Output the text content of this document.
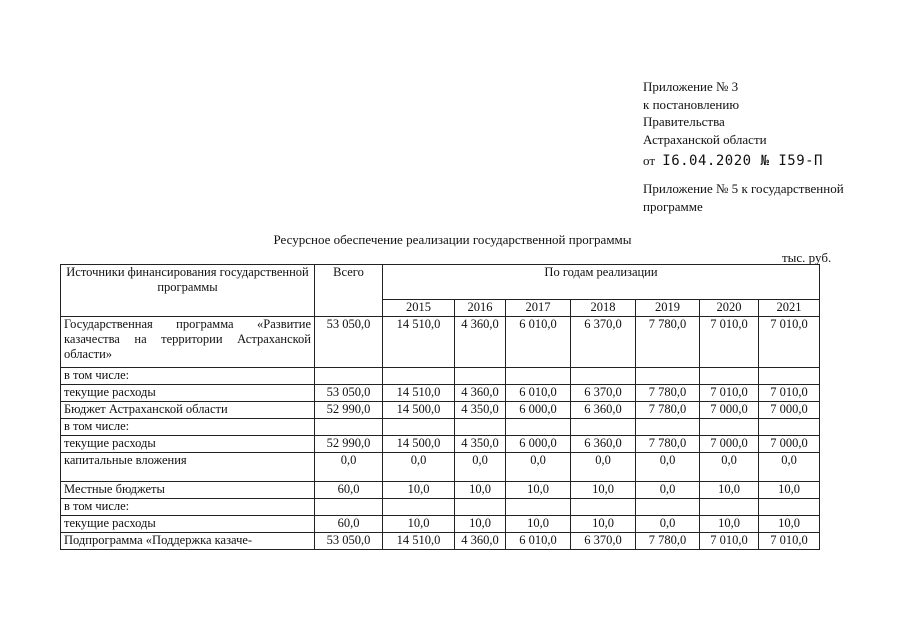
Приложение № 3
к постановлению
Правительства
Астраханской области
от I6.04.2020 № I59-П
Приложение № 5 к государственной программе
Ресурсное обеспечение реализации государственной программы
тыс. руб.
Источники финансирования государственной программы	Всего	По годам реализации						
		2015	2016	2017	2018	2019	2020	2021
Государственная программа «Развитие казачества на территории Астраханской области»	53 050,0	14 510,0	4 360,0	6 010,0	6 370,0	7 780,0	7 010,0	7 010,0
в том числе:								
текущие расходы	53 050,0	14 510,0	4 360,0	6 010,0	6 370,0	7 780,0	7 010,0	7 010,0
Бюджет Астраханской области	52 990,0	14 500,0	4 350,0	6 000,0	6 360,0	7 780,0	7 000,0	7 000,0
в том числе:								
текущие расходы	52 990,0	14 500,0	4 350,0	6 000,0	6 360,0	7 780,0	7 000,0	7 000,0
капитальные вложения	0,0	0,0	0,0	0,0	0,0	0,0	0,0	0,0
Местные бюджеты	60,0	10,0	10,0	10,0	10,0	0,0	10,0	10,0
в том числе:								
текущие расходы	60,0	10,0	10,0	10,0	10,0	0,0	10,0	10,0
Подпрограмма «Поддержка казаче-	53 050,0	14 510,0	4 360,0	6 010,0	6 370,0	7 780,0	7 010,0	7 010,0
